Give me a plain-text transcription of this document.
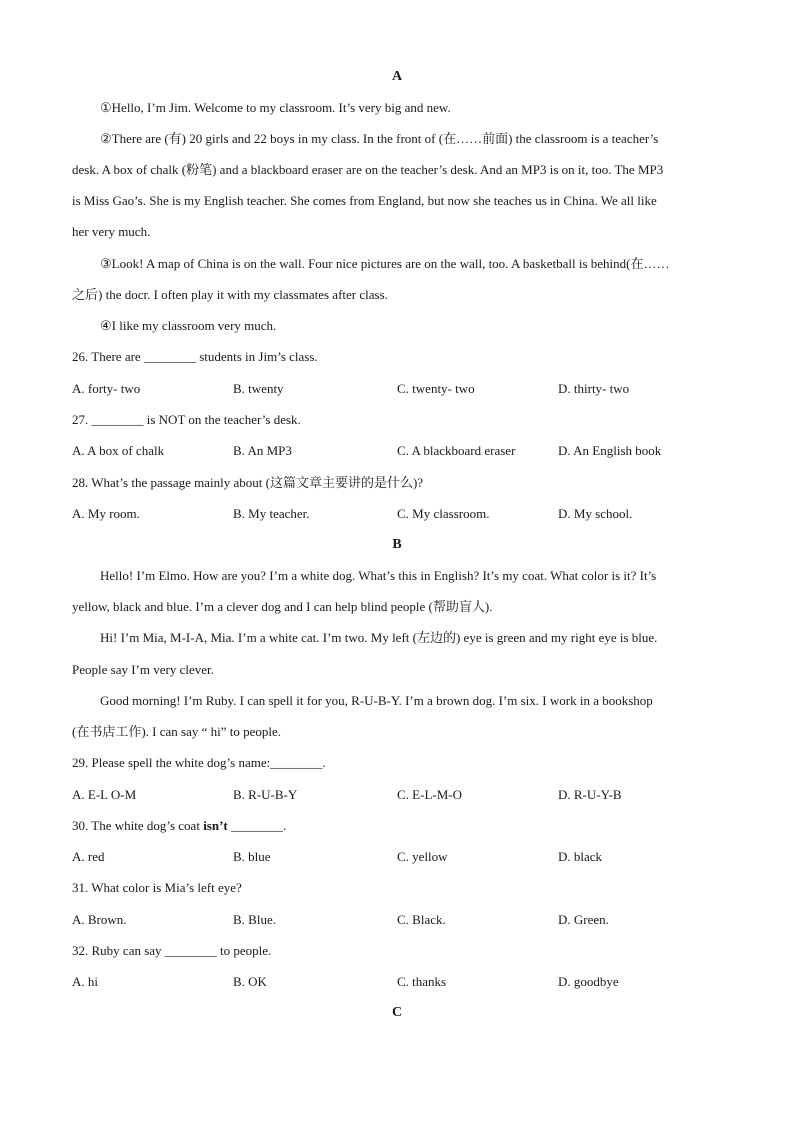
A
①Hello, I’m Jim. Welcome to my classroom. It’s very big and new.
②There are (有) 20 girls and 22 boys in my class. In the front of (在……前面) the classroom is a teacher’s
desk. A box of chalk (粉笔) and a blackboard eraser are on the teacher’s desk. And an MP3 is on it, too. The MP3
is Miss Gao’s. She is my English teacher. She comes from England, but now she teaches us in China. We all like
her very much.
③Look! A map of China is on the wall. Four nice pictures are on the wall, too. A basketball is behind(在……
之后) the docr. I often play it with my classmates after class.
④I like my classroom very much.
26. There are ________ students in Jim’s class.
A. forty- two	B. twenty	C. twenty- two	D. thirty- two
27. ________ is NOT on the teacher’s desk.
A. A box of chalk	B. An MP3	C. A blackboard eraser	D. An English book
28. What’s the passage mainly about (这篇文章主要讲的是什么)?
A. My room.	B. My teacher.	C. My classroom.	D. My school.
B
Hello! I’m Elmo. How are you? I’m a white dog. What’s this in English? It’s my coat. What color is it? It’s
yellow, black and blue. I’m a clever dog and I can help blind people (帮助盲人).
Hi! I’m Mia, M-I-A, Mia. I’m a white cat. I’m two. My left (左边的) eye is green and my right eye is blue.
People say I’m very clever.
Good morning! I’m Ruby. I can spell it for you, R-U-B-Y. I’m a brown dog. I’m six. I work in a bookshop
(在书店工作). I can say “ hi” to people.
29. Please spell the white dog’s name:________.
A. E-L O-M	B. R-U-B-Y	C. E-L-M-O	D. R-U-Y-B
30. The white dog’s coat isn’t ________.
A. red	B. blue	C. yellow	D. black
31. What color is Mia’s left eye?
A. Brown.	B. Blue.	C. Black.	D. Green.
32. Ruby can say ________ to people.
A. hi	B. OK	C. thanks	D. goodbye
C
